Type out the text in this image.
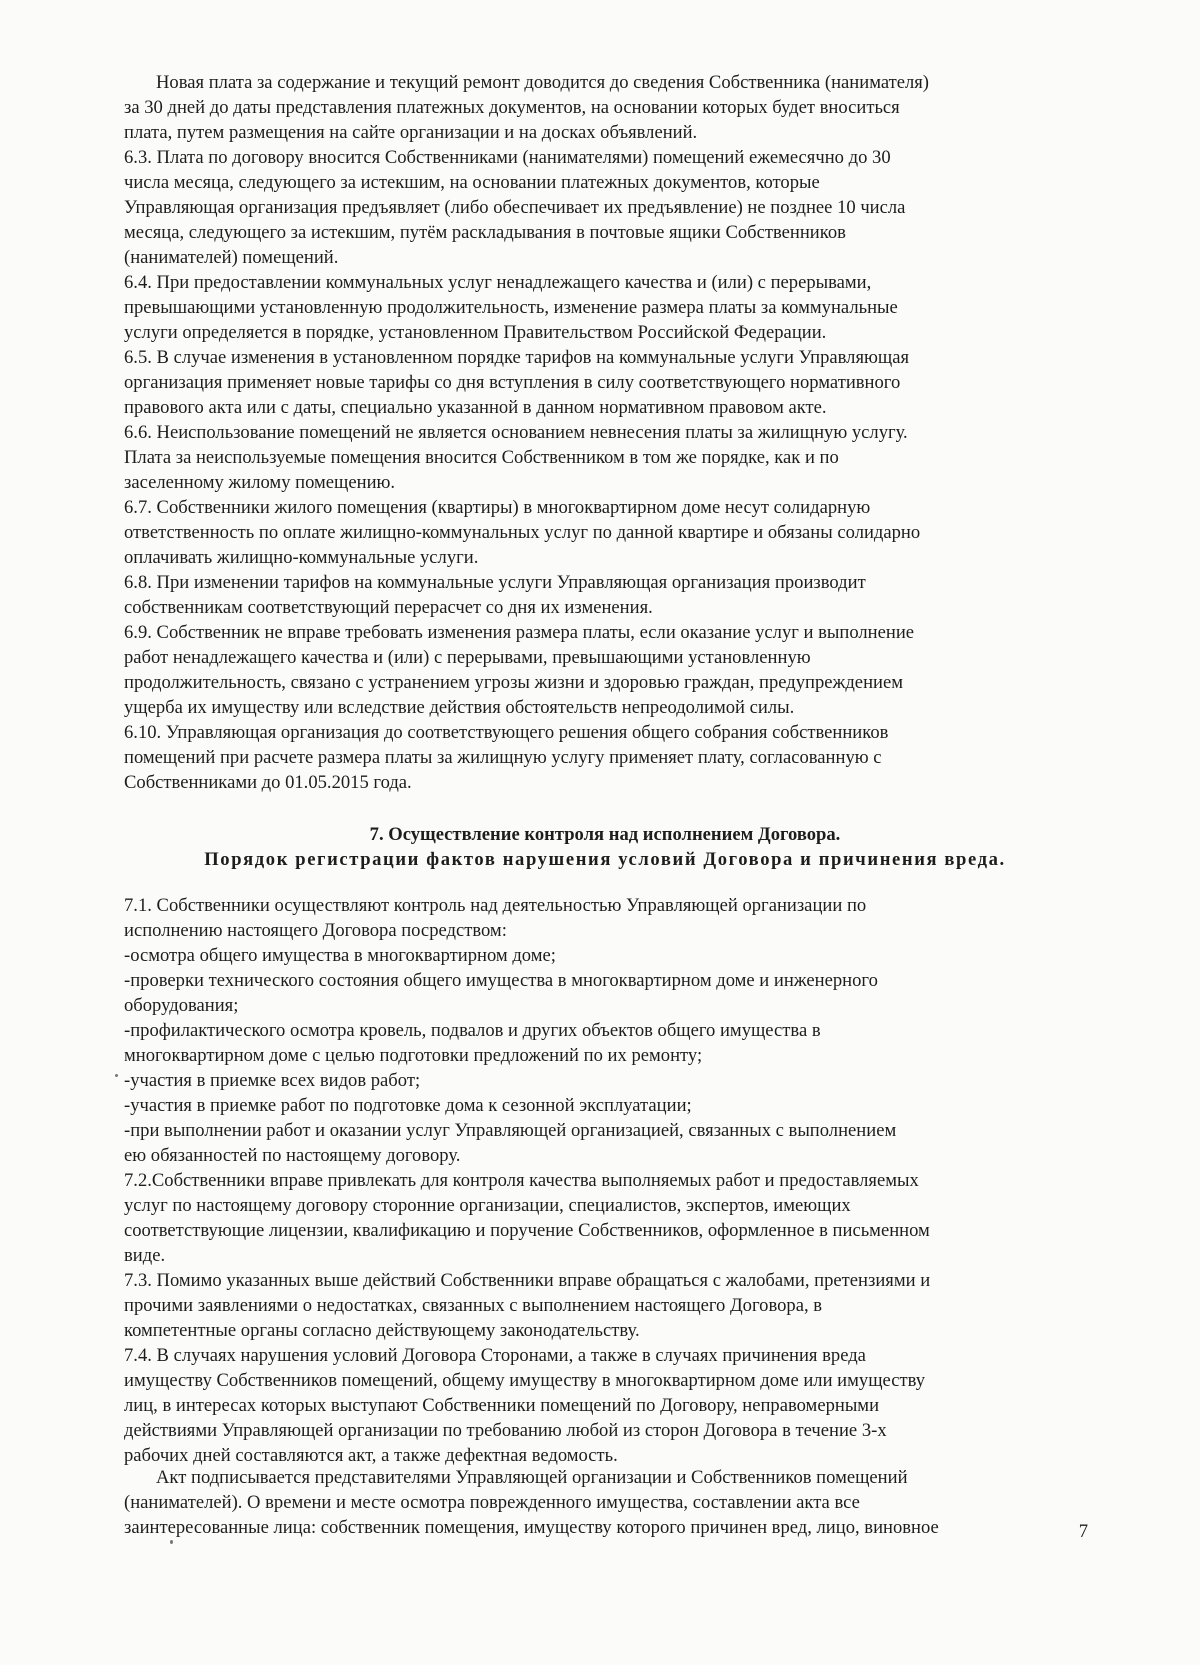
Новая плата за содержание и текущий ремонт доводится до сведения Собственника (нанимателя)
за 30 дней до даты представления платежных документов, на основании которых будет вноситься
плата, путем размещения на сайте организации и на досках объявлений.
6.3. Плата по договору вносится Собственниками (нанимателями) помещений ежемесячно до 30
числа месяца, следующего за истекшим, на основании платежных документов, которые
Управляющая организация предъявляет (либо обеспечивает их предъявление) не позднее 10 числа
месяца, следующего за истекшим, путём раскладывания в почтовые ящики Собственников
(нанимателей) помещений.
6.4. При предоставлении коммунальных услуг ненадлежащего качества и (или) с перерывами,
превышающими установленную продолжительность, изменение размера платы за коммунальные
услуги определяется в порядке, установленном Правительством Российской Федерации.
6.5. В случае изменения в установленном порядке тарифов на коммунальные услуги Управляющая
организация применяет новые тарифы со дня вступления в силу соответствующего нормативного
правового акта или с даты, специально указанной в данном нормативном правовом акте.
6.6. Неиспользование помещений не является основанием невнесения платы за жилищную услугу.
Плата за неиспользуемые помещения вносится Собственником в том же порядке, как и по
заселенному жилому помещению.
6.7. Собственники жилого помещения (квартиры) в многоквартирном доме несут солидарную
ответственность по оплате жилищно-коммунальных услуг по данной квартире и обязаны солидарно
оплачивать жилищно-коммунальные услуги.
6.8. При изменении тарифов на коммунальные услуги Управляющая организация производит
собственникам соответствующий перерасчет со дня их изменения.
6.9. Собственник не вправе требовать изменения размера платы, если оказание услуг и выполнение
работ ненадлежащего качества и (или) с перерывами, превышающими установленную
продолжительность, связано с устранением угрозы жизни и здоровью граждан, предупреждением
ущерба их имуществу или вследствие действия обстоятельств непреодолимой силы.
6.10. Управляющая организация до соответствующего решения общего собрания собственников
помещений при расчете размера платы за жилищную услугу применяет плату, согласованную с
Собственниками до 01.05.2015 года.
7. Осуществление контроля над исполнением Договора.
Порядок регистрации фактов нарушения условий Договора и причинения вреда.
7.1. Собственники осуществляют контроль над деятельностью Управляющей организации по
исполнению настоящего Договора посредством:
-осмотра общего имущества в многоквартирном доме;
-проверки технического состояния общего имущества в многоквартирном доме и инженерного
оборудования;
-профилактического осмотра кровель, подвалов и других объектов общего имущества в
многоквартирном доме с целью подготовки предложений по их ремонту;
-участия в приемке всех видов работ;
-участия в приемке работ по подготовке дома к сезонной эксплуатации;
-при выполнении работ и оказании услуг Управляющей организацией, связанных с выполнением
ею обязанностей по настоящему договору.
7.2.Собственники вправе привлекать для контроля качества выполняемых работ и предоставляемых
услуг по настоящему договору сторонние организации, специалистов, экспертов, имеющих
соответствующие лицензии, квалификацию и поручение Собственников, оформленное в письменном
виде.
7.3. Помимо указанных выше действий Собственники вправе обращаться с жалобами, претензиями и
прочими заявлениями о недостатках, связанных с выполнением настоящего Договора, в
компетентные органы согласно действующему законодательству.
7.4. В случаях нарушения условий Договора Сторонами, а также в случаях причинения вреда
имуществу Собственников помещений, общему имуществу в многоквартирном доме или имуществу
лиц, в интересах которых выступают Собственники помещений по Договору, неправомерными
действиями Управляющей организации по требованию любой из сторон Договора в течение 3-х
рабочих дней составляются акт, а также дефектная ведомость.
Акт подписывается представителями Управляющей организации и Собственников помещений
(нанимателей). О времени и месте осмотра поврежденного имущества, составлении акта все
заинтересованные лица: собственник помещения, имуществу которого причинен вред, лицо, виновное	7
